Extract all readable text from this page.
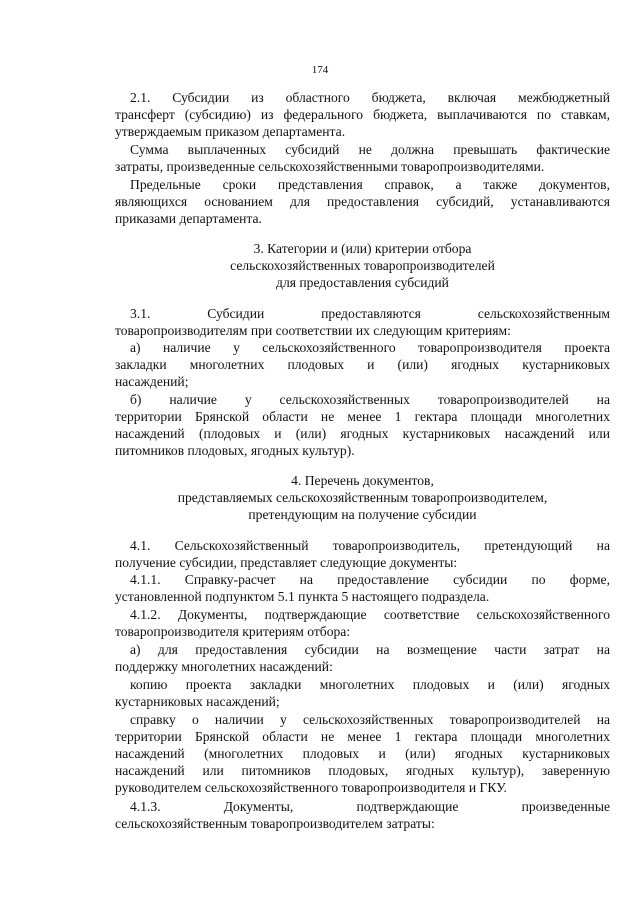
174
2.1. Субсидии из областного бюджета, включая межбюджетный
трансферт (субсидию) из федерального бюджета, выплачиваются по ставкам,
утверждаемым приказом департамента.
Сумма выплаченных субсидий не должна превышать фактические
затраты, произведенные сельскохозяйственными товаропроизводителями.
Предельные сроки представления справок, а также документов,
являющихся основанием для предоставления субсидий, устанавливаются
приказами департамента.
3. Категории и (или) критерии отбора
сельскохозяйственных товаропроизводителей
для предоставления субсидий
3.1. Субсидии предоставляются сельскохозяйственным
товаропроизводителям при соответствии их следующим критериям:
а) наличие у сельскохозяйственного товаропроизводителя проекта
закладки многолетних плодовых и (или) ягодных кустарниковых
насаждений;
б) наличие у сельскохозяйственных товаропроизводителей на
территории Брянской области не менее 1 гектара площади многолетних
насаждений (плодовых и (или) ягодных кустарниковых насаждений или
питомников плодовых, ягодных культур).
4. Перечень документов,
представляемых сельскохозяйственным товаропроизводителем,
претендующим на получение субсидии
4.1. Сельскохозяйственный товаропроизводитель, претендующий на
получение субсидии, представляет следующие документы:
4.1.1. Справку-расчет на предоставление субсидии по форме,
установленной подпунктом 5.1 пункта 5 настоящего подраздела.
4.1.2. Документы, подтверждающие соответствие сельскохозяйственного
товаропроизводителя критериям отбора:
а) для предоставления субсидии на возмещение части затрат на
поддержку многолетних насаждений:
копию проекта закладки многолетних плодовых и (или) ягодных
кустарниковых насаждений;
справку о наличии у сельскохозяйственных товаропроизводителей на
территории Брянской области не менее 1 гектара площади многолетних
насаждений (многолетних плодовых и (или) ягодных кустарниковых
насаждений или питомников плодовых, ягодных культур), заверенную
руководителем сельскохозяйственного товаропроизводителя и ГКУ.
4.1.3. Документы, подтверждающие произведенные
сельскохозяйственным товаропроизводителем затраты:
